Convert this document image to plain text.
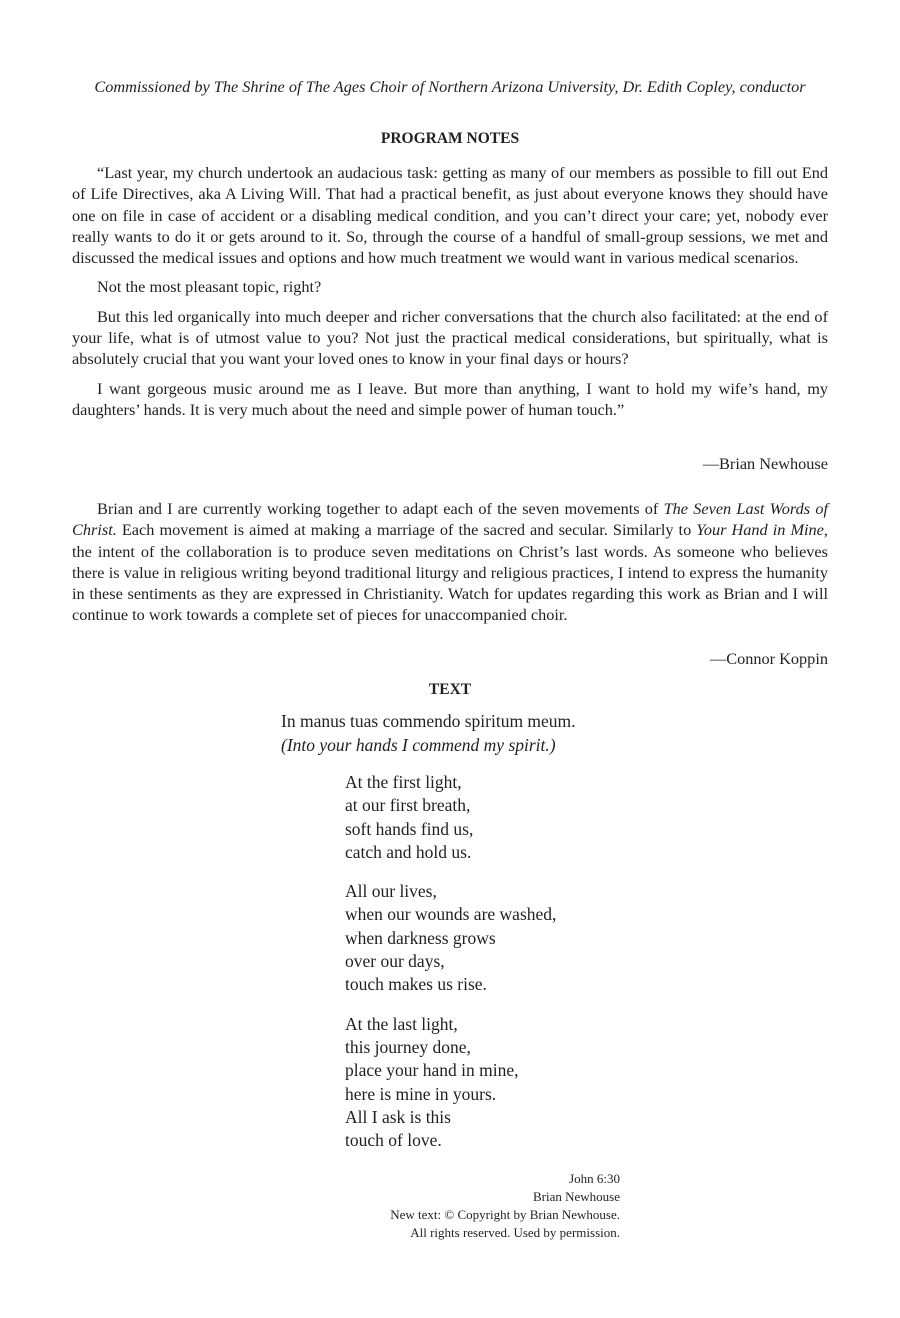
Commissioned by The Shrine of The Ages Choir of Northern Arizona University, Dr. Edith Copley, conductor
PROGRAM NOTES

“Last year, my church undertook an audacious task: getting as many of our members as possible to fill out End of Life Directives, aka A Living Will. That had a practical benefit, as just about everyone knows they should have one on file in case of accident or a disabling medical condition, and you can’t direct your care; yet, nobody ever really wants to do it or gets around to it. So, through the course of a handful of small-group sessions, we met and discussed the medical issues and options and how much treatment we would want in various medical scenarios.

Not the most pleasant topic, right?

But this led organically into much deeper and richer conversations that the church also facilitated: at the end of your life, what is of utmost value to you? Not just the practical medical considerations, but spiritually, what is absolutely crucial that you want your loved ones to know in your final days or hours?

I want gorgeous music around me as I leave. But more than anything, I want to hold my wife’s hand, my daughters’ hands. It is very much about the need and simple power of human touch.”

—Brian Newhouse

Brian and I are currently working together to adapt each of the seven movements of The Seven Last Words of Christ. Each movement is aimed at making a marriage of the sacred and secular. Similarly to Your Hand in Mine, the intent of the collaboration is to produce seven meditations on Christ’s last words. As someone who believes there is value in religious writing beyond traditional liturgy and religious practices, I intend to express the humanity in these sentiments as they are expressed in Christianity. Watch for updates regarding this work as Brian and I will continue to work towards a complete set of pieces for unaccompanied choir.

—Connor Koppin

TEXT
In manus tuas commendo spiritum meum.
(Into your hands I commend my spirit.)
At the first light,
at our first breath,
soft hands find us,
catch and hold us.
All our lives,
when our wounds are washed,
when darkness grows
over our days,
touch makes us rise.
At the last light,
this journey done,
place your hand in mine,
here is mine in yours.
All I ask is this
touch of love.
John 6:30
Brian Newhouse
New text: © Copyright by Brian Newhouse.
All rights reserved. Used by permission.
